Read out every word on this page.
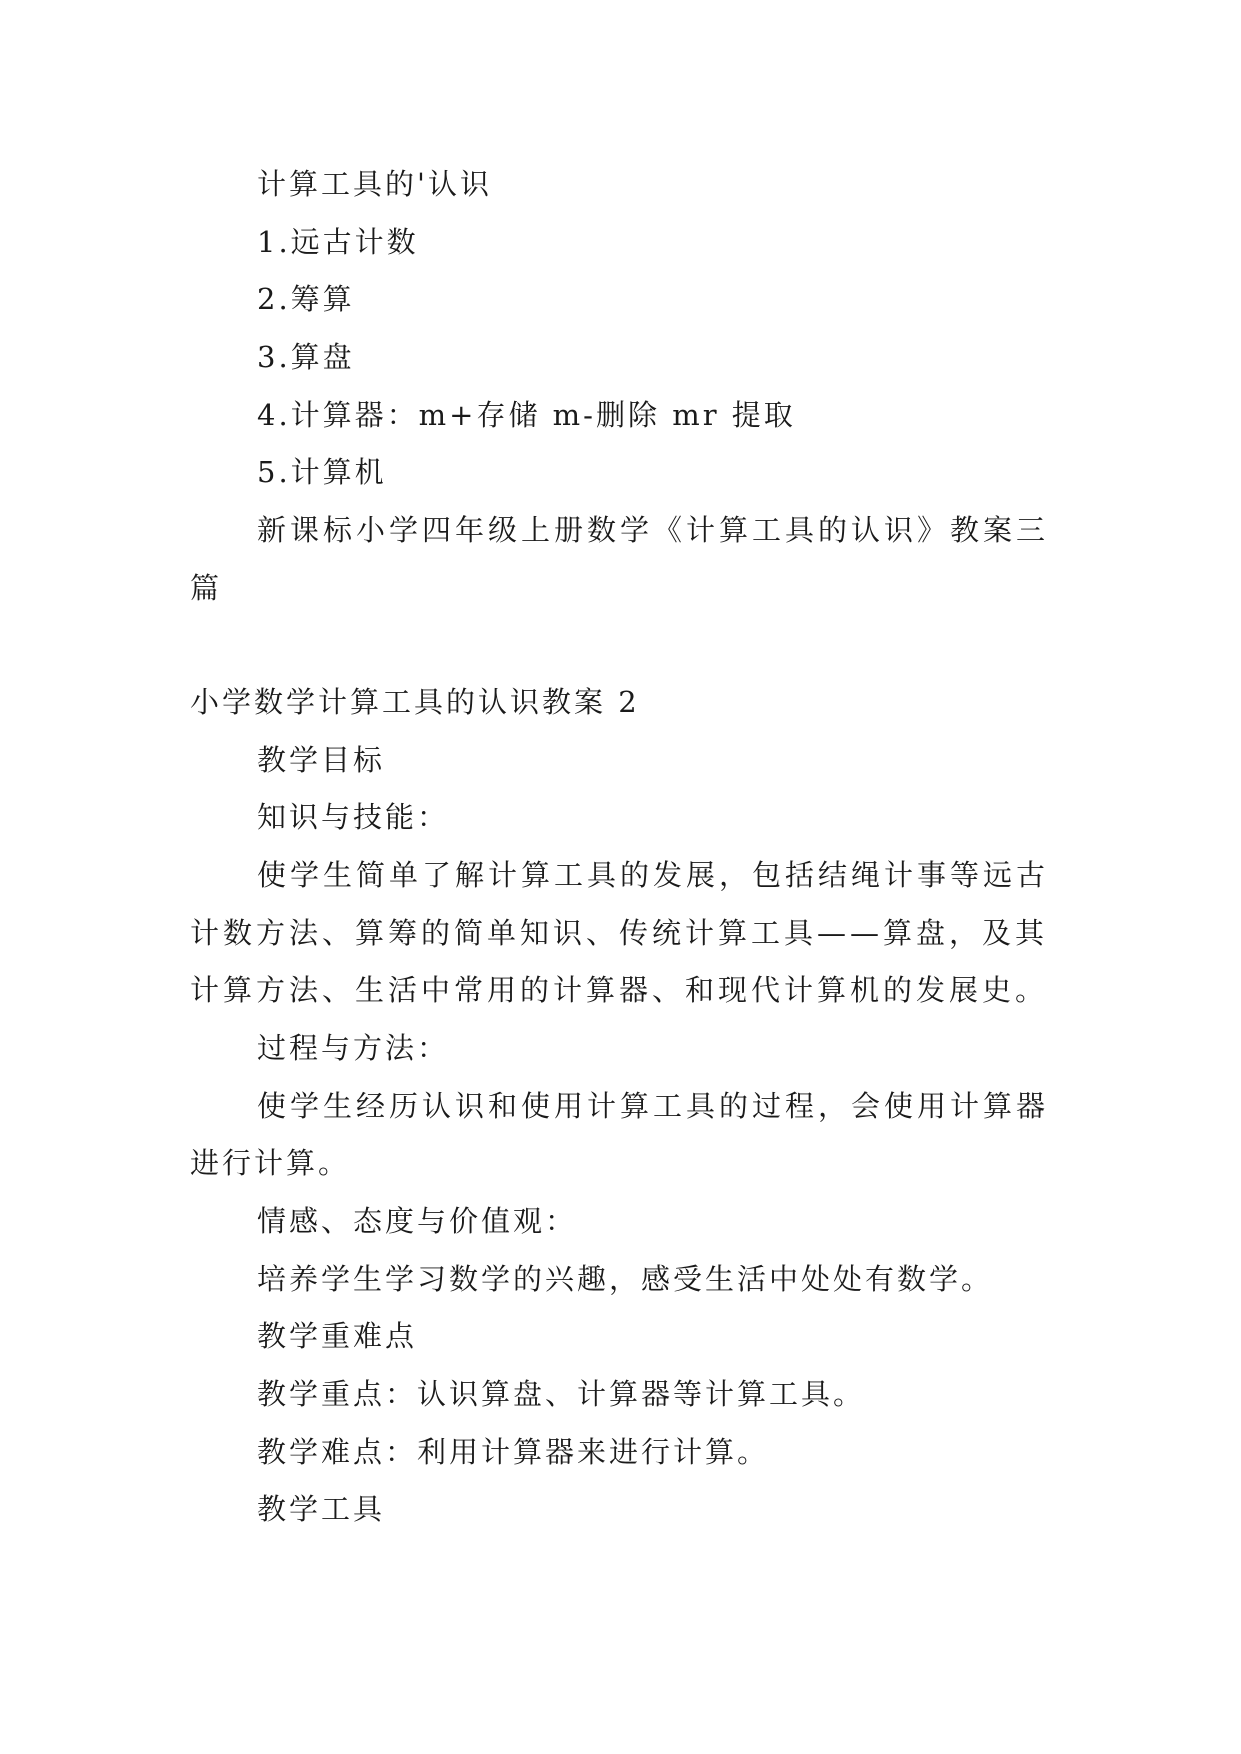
计算工具的'认识
1.远古计数
2.筹算
3.算盘
4.计算器：m+存储 m-删除 mr 提取
5.计算机
新课标小学四年级上册数学《计算工具的认识》教案三
篇
小学数学计算工具的认识教案 2
教学目标
知识与技能：
使学生简单了解计算工具的发展，包括结绳计事等远古
计数方法、算筹的简单知识、传统计算工具——算盘，及其
计算方法、生活中常用的计算器、和现代计算机的发展史。
过程与方法：
使学生经历认识和使用计算工具的过程，会使用计算器
进行计算。
情感、态度与价值观：
培养学生学习数学的兴趣，感受生活中处处有数学。
教学重难点
教学重点：认识算盘、计算器等计算工具。
教学难点：利用计算器来进行计算。
教学工具
